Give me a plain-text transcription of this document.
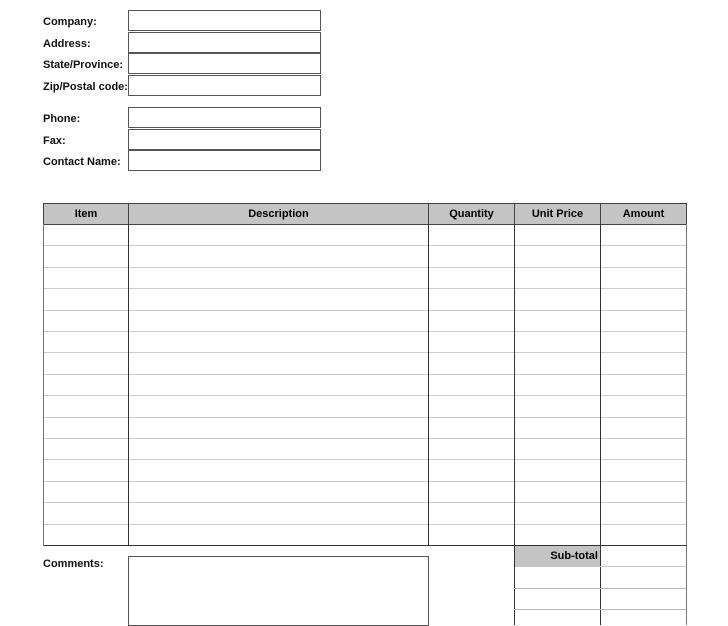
Company:
Address:
State/Province:
Zip/Postal code:
Phone:
Fax:
Contact Name:
Item	Description	Quantity	Unit Price	Amount
Comments:
Sub-total
